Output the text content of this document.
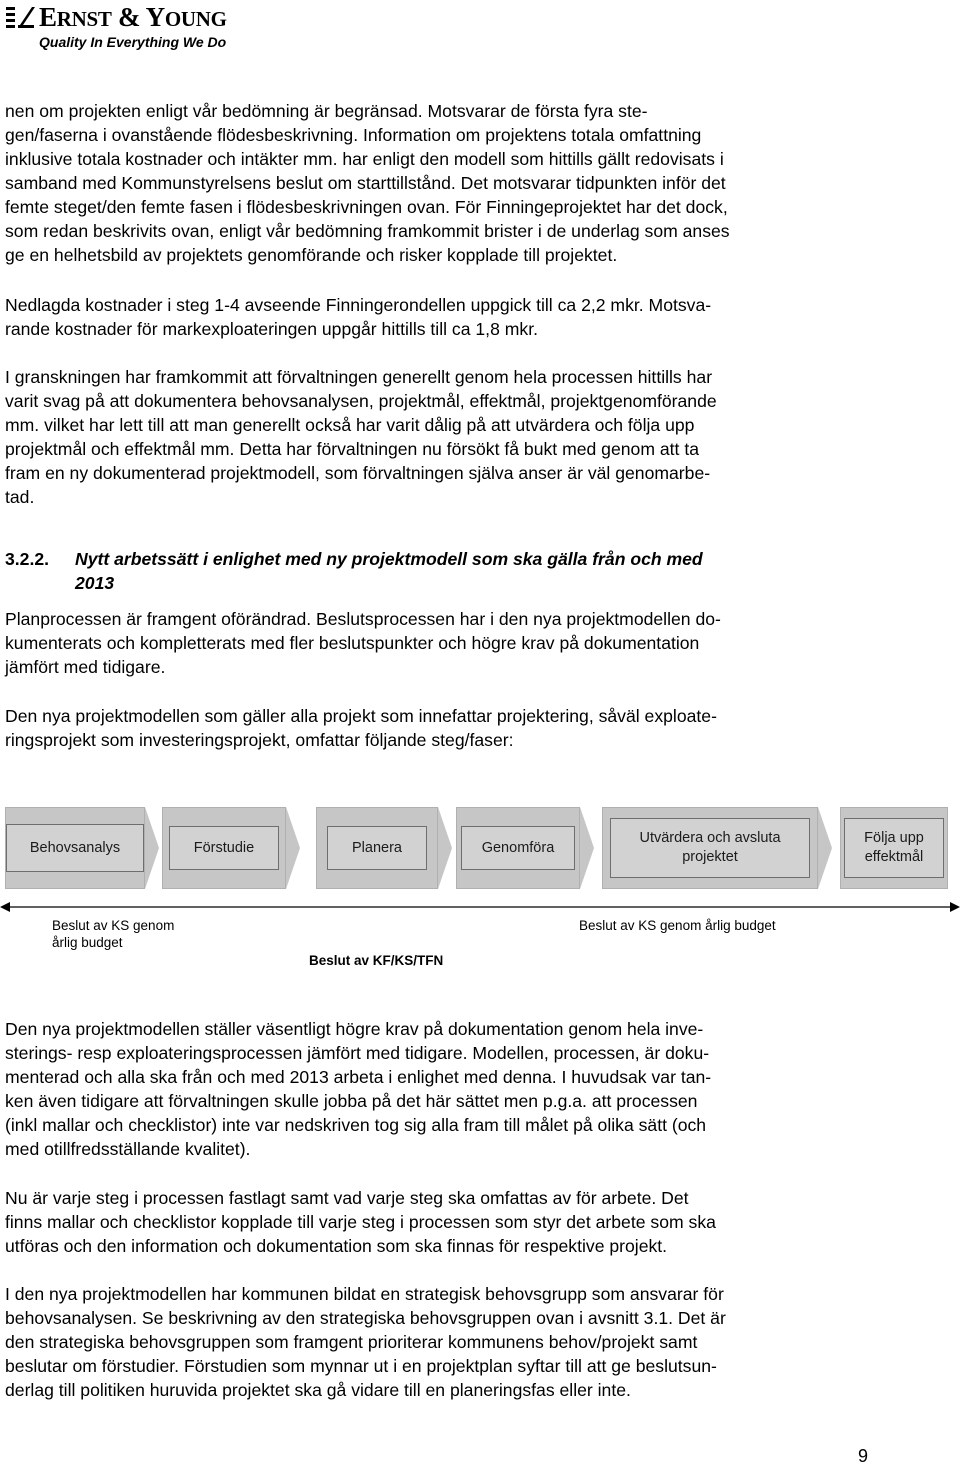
ERNST & YOUNG
Quality In Everything We Do
nen om projekten enligt vår bedömning är begränsad. Motsvarar de första fyra ste-
gen/faserna i ovanstående flödesbeskrivning. Information om projektens totala omfattning
inklusive totala kostnader och intäkter mm. har enligt den modell som hittills gällt redovisats i
samband med Kommunstyrelsens beslut om starttillstånd. Det motsvarar tidpunkten inför det
femte steget/den femte fasen i flödesbeskrivningen ovan. För Finningeprojektet har det dock,
som redan beskrivits ovan, enligt vår bedömning framkommit brister i de underlag som anses
ge en helhetsbild av projektets genomförande och risker kopplade till projektet.
Nedlagda kostnader i steg 1-4 avseende Finningerondellen uppgick till ca 2,2 mkr. Motsva-
rande kostnader för markexploateringen uppgår hittills till ca 1,8 mkr.
I granskningen har framkommit att förvaltningen generellt genom hela processen hittills har
varit svag på att dokumentera behovsanalysen, projektmål, effektmål, projektgenomförande
mm. vilket har lett till att man generellt också har varit dålig på att utvärdera och följa upp
projektmål och effektmål mm. Detta har förvaltningen nu försökt få bukt med genom att ta
fram en ny dokumenterad projektmodell, som förvaltningen själva anser är väl genomarbe-
tad.
3.2.2. Nytt arbetssätt i enlighet med ny projektmodell som ska gälla från och med
2013
Planprocessen är framgent oförändrad. Beslutsprocessen har i den nya projektmodellen do-
kumenterats och kompletterats med fler beslutspunkter och högre krav på dokumentation
jämfört med tidigare.
Den nya projektmodellen som gäller alla projekt som innefattar projektering, såväl exploate-
ringsprojekt som investeringsprojekt, omfattar följande steg/faser:
Behovsanalys	Förstudie	Planera	Genomföra
Utvärdera och avsluta
projektet
Följa upp
effektmål
Beslut av KS genom
årlig budget
Beslut av KF/KS/TFN
Beslut av KS genom årlig budget
Den nya projektmodellen ställer väsentligt högre krav på dokumentation genom hela inve-
sterings- resp exploateringsprocessen jämfört med tidigare. Modellen, processen, är doku-
menterad och alla ska från och med 2013 arbeta i enlighet med denna. I huvudsak var tan-
ken även tidigare att förvaltningen skulle jobba på det här sättet men p.g.a. att processen
(inkl mallar och checklistor) inte var nedskriven tog sig alla fram till målet på olika sätt (och
med otillfredsställande kvalitet).
Nu är varje steg i processen fastlagt samt vad varje steg ska omfattas av för arbete. Det
finns mallar och checklistor kopplade till varje steg i processen som styr det arbete som ska
utföras och den information och dokumentation som ska finnas för respektive projekt.
I den nya projektmodellen har kommunen bildat en strategisk behovsgrupp som ansvarar för
behovsanalysen. Se beskrivning av den strategiska behovsgruppen ovan i avsnitt 3.1. Det är
den strategiska behovsgruppen som framgent prioriterar kommunens behov/projekt samt
beslutar om förstudier. Förstudien som mynnar ut i en projektplan syftar till att ge beslutsun-
derlag till politiken huruvida projektet ska gå vidare till en planeringsfas eller inte.
9
